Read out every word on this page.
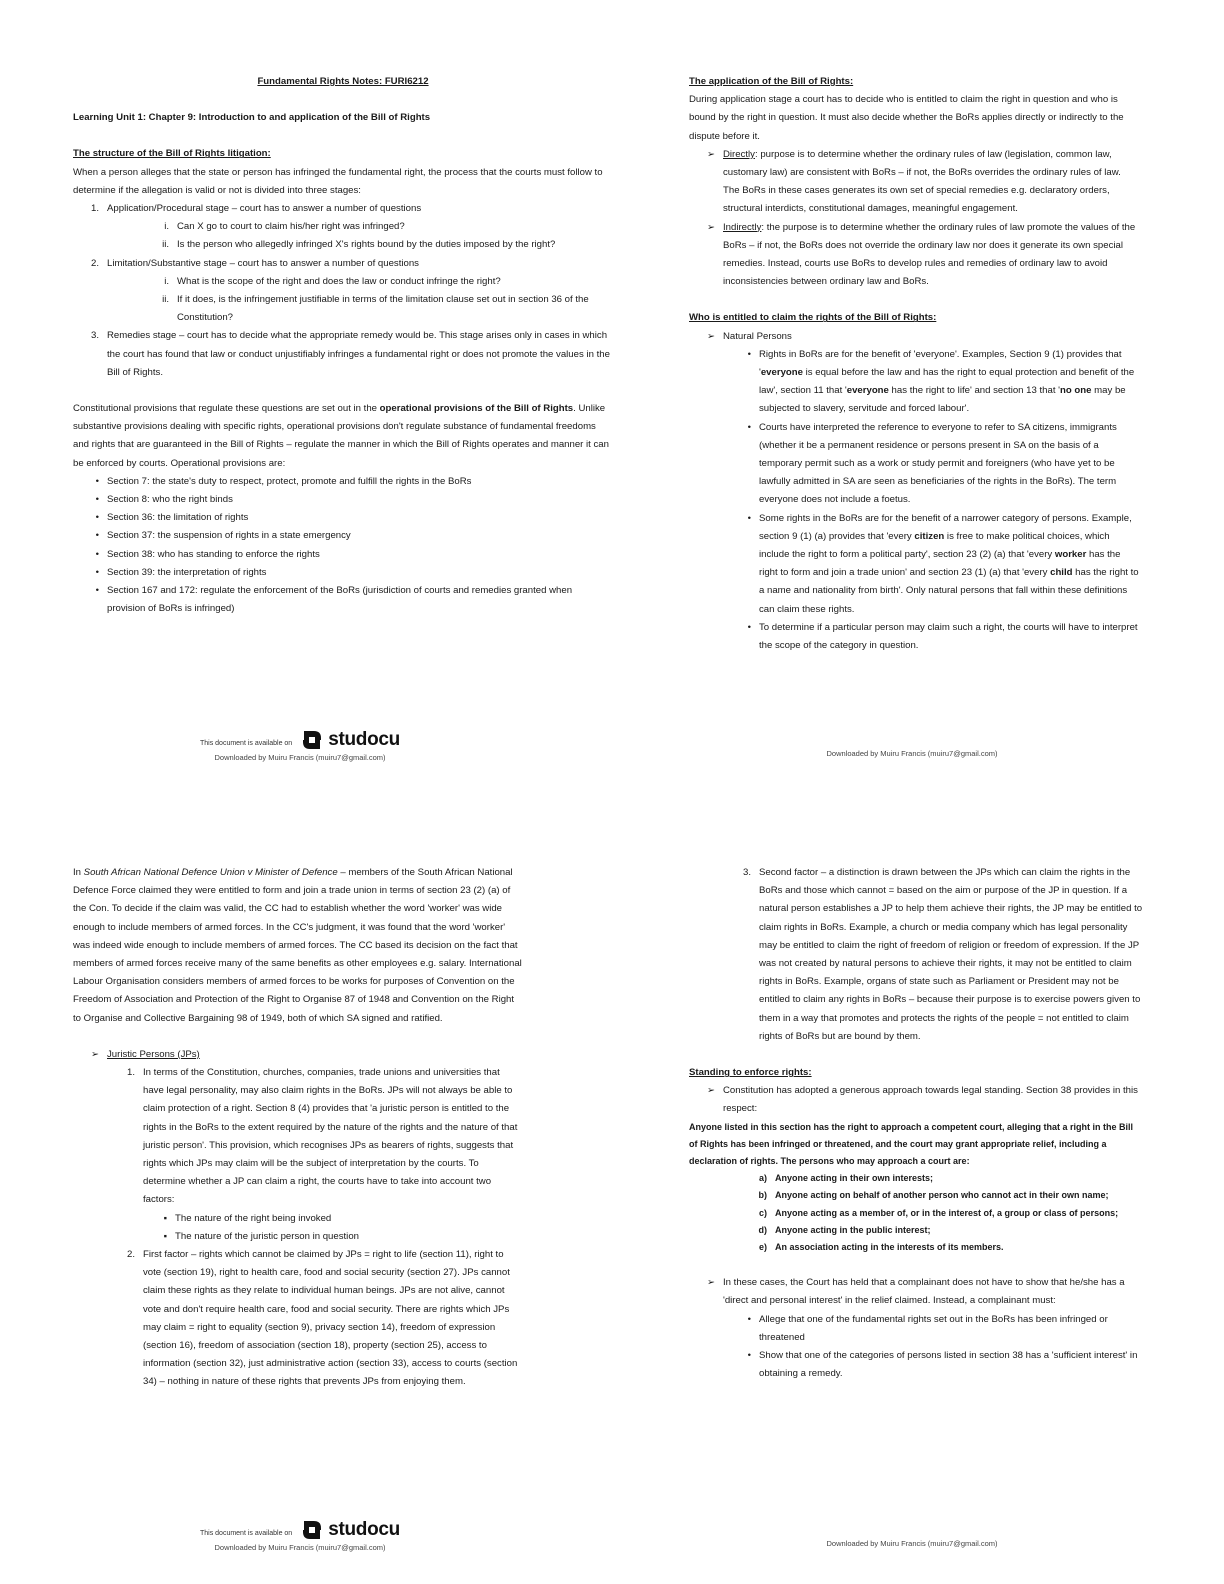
Fundamental Rights Notes: FURI6212

Learning Unit 1: Chapter 9: Introduction to and application of the Bill of Rights

The structure of the Bill of Rights litigation:

When a person alleges that the state or person has infringed the fundamental right, the process that the courts must follow to determine if the allegation is valid or not is divided into three stages:

1. Application/Procedural stage – court has to answer a number of questions
i. Can X go to court to claim his/her right was infringed?
ii. Is the person who allegedly infringed X's rights bound by the duties imposed by the right?
2. Limitation/Substantive stage – court has to answer a number of questions
i. What is the scope of the right and does the law or conduct infringe the right?
ii. If it does, is the infringement justifiable in terms of the limitation clause set out in section 36 of the Constitution?
3. Remedies stage – court has to decide what the appropriate remedy would be. This stage arises only in cases in which the court has found that law or conduct unjustifiably infringes a fundamental right or does not promote the values in the Bill of Rights.

Constitutional provisions that regulate these questions are set out in the operational provisions of the Bill of Rights. Unlike substantive provisions dealing with specific rights, operational provisions don't regulate substance of fundamental freedoms and rights that are guaranteed in the Bill of Rights – regulate the manner in which the Bill of Rights operates and manner it can be enforced by courts. Operational provisions are:

• Section 7: the state's duty to respect, protect, promote and fulfill the rights in the BoRs
• Section 8: who the right binds
• Section 36: the limitation of rights
• Section 37: the suspension of rights in a state emergency
• Section 38: who has standing to enforce the rights
• Section 39: the interpretation of rights
• Section 167 and 172: regulate the enforcement of the BoRs (jurisdiction of courts and remedies granted when provision of BoRs is infringed)
This document is available on studocu
Downloaded by Muiru Francis (muiru7@gmail.com)

The application of the Bill of Rights:

During application stage a court has to decide who is entitled to claim the right in question and who is bound by the right in question. It must also decide whether the BoRs applies directly or indirectly to the dispute before it.

➢ Directly: purpose is to determine whether the ordinary rules of law (legislation, common law, customary law) are consistent with BoRs – if not, the BoRs overrides the ordinary rules of law. The BoRs in these cases generates its own set of special remedies e.g. declaratory orders, structural interdicts, constitutional damages, meaningful engagement.
➢ Indirectly: the purpose is to determine whether the ordinary rules of law promote the values of the BoRs – if not, the BoRs does not override the ordinary law nor does it generate its own special remedies. Instead, courts use BoRs to develop rules and remedies of ordinary law to avoid inconsistencies between ordinary law and BoRs.

Who is entitled to claim the rights of the Bill of Rights:

➢ Natural Persons
• Rights in BoRs are for the benefit of 'everyone'. Examples, Section 9 (1) provides that 'everyone is equal before the law and has the right to equal protection and benefit of the law', section 11 that 'everyone has the right to life' and section 13 that 'no one may be subjected to slavery, servitude and forced labour'.
• Courts have interpreted the reference to everyone to refer to SA citizens, immigrants (whether it be a permanent residence or persons present in SA on the basis of a temporary permit such as a work or study permit and foreigners (who have yet to be lawfully admitted in SA are seen as beneficiaries of the rights in the BoRs). The term everyone does not include a foetus.
• Some rights in the BoRs are for the benefit of a narrower category of persons. Example, section 9 (1) (a) provides that 'every citizen is free to make political choices, which include the right to form a political party', section 23 (2) (a) that 'every worker has the right to form and join a trade union' and section 23 (1) (a) that 'every child has the right to a name and nationality from birth'. Only natural persons that fall within these definitions can claim these rights.
• To determine if a particular person may claim such a right, the courts will have to interpret the scope of the category in question.
Downloaded by Muiru Francis (muiru7@gmail.com)

In South African National Defence Union v Minister of Defence – members of the South African National Defence Force claimed they were entitled to form and join a trade union in terms of section 23 (2) (a) of the Con. To decide if the claim was valid, the CC had to establish whether the word 'worker' was wide enough to include members of armed forces. In the CC's judgment, it was found that the word 'worker' was indeed wide enough to include members of armed forces. The CC based its decision on the fact that members of armed forces receive many of the same benefits as other employees e.g. salary. International Labour Organisation considers members of armed forces to be works for purposes of Convention on the Freedom of Association and Protection of the Right to Organise 87 of 1948 and Convention on the Right to Organise and Collective Bargaining 98 of 1949, both of which SA signed and ratified.

➢ Juristic Persons (JPs)
1. In terms of the Constitution, churches, companies, trade unions and universities that have legal personality, may also claim rights in the BoRs. JPs will not always be able to claim protection of a right. Section 8 (4) provides that 'a juristic person is entitled to the rights in the BoRs to the extent required by the nature of the rights and the nature of that juristic person'. This provision, which recognises JPs as bearers of rights, suggests that rights which JPs may claim will be the subject of interpretation by the courts. To determine whether a JP can claim a right, the courts have to take into account two factors:
▪ The nature of the right being invoked
▪ The nature of the juristic person in question
2. First factor – rights which cannot be claimed by JPs = right to life (section 11), right to vote (section 19), right to health care, food and social security (section 27). JPs cannot claim these rights as they relate to individual human beings. JPs are not alive, cannot vote and don't require health care, food and social security. There are rights which JPs may claim = right to equality (section 9), privacy section 14), freedom of expression (section 16), freedom of association (section 18), property (section 25), access to information (section 32), just administrative action (section 33), access to courts (section 34) – nothing in nature of these rights that prevents JPs from enjoying them.
This document is available on studocu
Downloaded by Muiru Francis (muiru7@gmail.com)
3. Second factor – a distinction is drawn between the JPs which can claim the rights in the BoRs and those which cannot = based on the aim or purpose of the JP in question. If a natural person establishes a JP to help them achieve their rights, the JP may be entitled to claim rights in BoRs. Example, a church or media company which has legal personality may be entitled to claim the right of freedom of religion or freedom of expression. If the JP was not created by natural persons to achieve their rights, it may not be entitled to claim rights in BoRs. Example, organs of state such as Parliament or President may not be entitled to claim any rights in BoRs – because their purpose is to exercise powers given to them in a way that promotes and protects the rights of the people = not entitled to claim rights of BoRs but are bound by them.

Standing to enforce rights:

➢ Constitution has adopted a generous approach towards legal standing. Section 38 provides in this respect:

Anyone listed in this section has the right to approach a competent court, alleging that a right in the Bill of Rights has been infringed or threatened, and the court may grant appropriate relief, including a declaration of rights. The persons who may approach a court are:

a) Anyone acting in their own interests;
b) Anyone acting on behalf of another person who cannot act in their own name;
c) Anyone acting as a member of, or in the interest of, a group or class of persons;
d) Anyone acting in the public interest;
e) An association acting in the interests of its members.
➢ In these cases, the Court has held that a complainant does not have to show that he/she has a 'direct and personal interest' in the relief claimed. Instead, a complainant must:
• Allege that one of the fundamental rights set out in the BoRs has been infringed or threatened
• Show that one of the categories of persons listed in section 38 has a 'sufficient interest' in obtaining a remedy.
Downloaded by Muiru Francis (muiru7@gmail.com)
